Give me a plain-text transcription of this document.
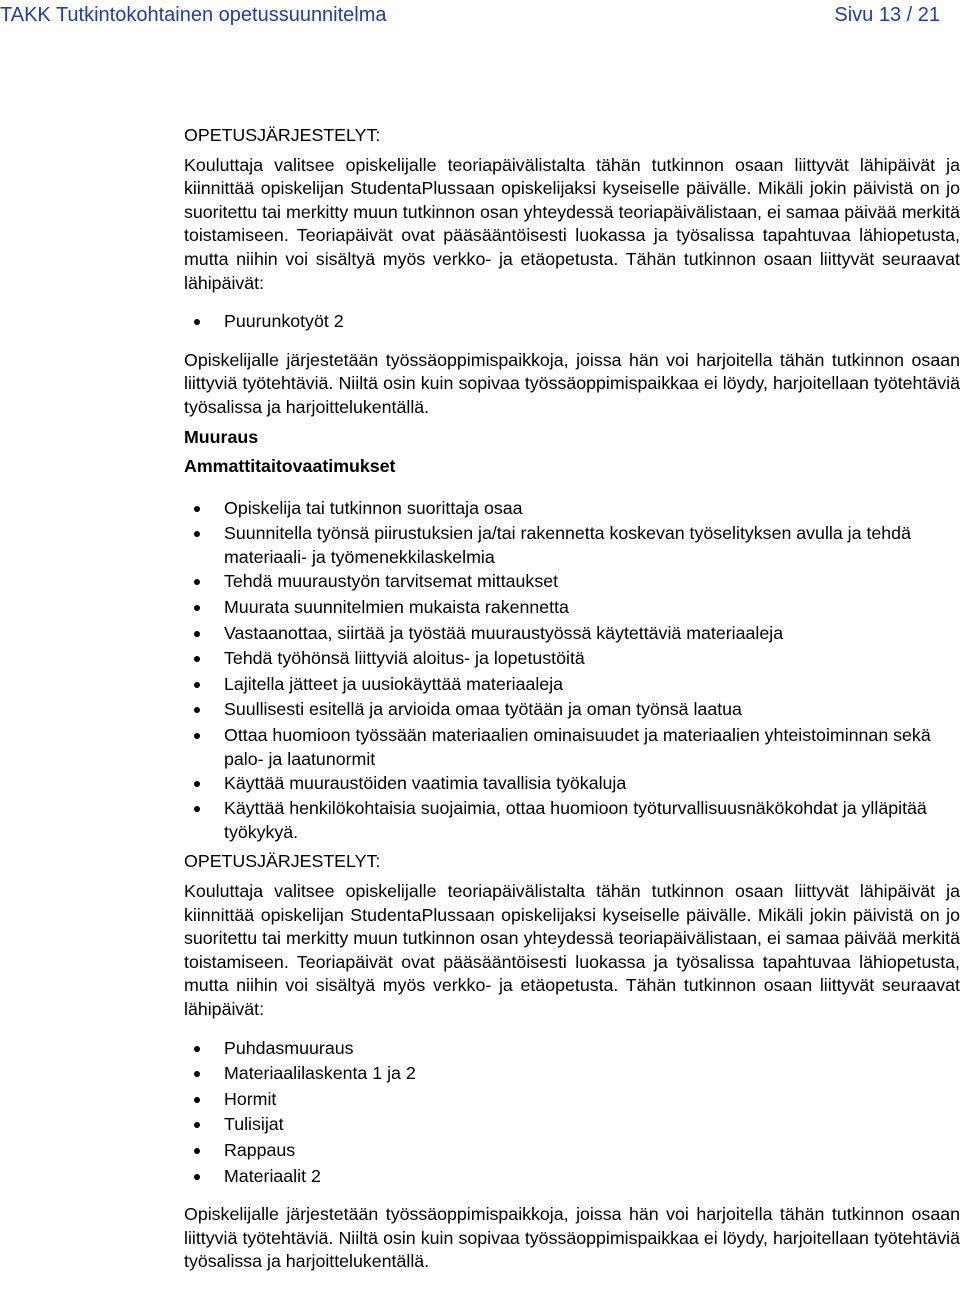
TAKK Tutkintokohtainen opetussuunnitelma	Sivu 13 / 21

OPETUSJÄRJESTELYT:

Kouluttaja valitsee opiskelijalle teoriapäivälistalta tähän tutkinnon osaan liittyvät lähipäivät ja kiinnittää opiskelijan StudentaPlussaan opiskelijaksi kyseiselle päivälle. Mikäli jokin päivistä on jo suoritettu tai merkitty muun tutkinnon osan yhteydessä teoriapäivälistaan, ei samaa päivää merkitä toistamiseen. Teoriapäivät ovat pääsääntöisesti luokassa ja työsalissa tapahtuvaa lähiopetusta, mutta niihin voi sisältyä myös verkko- ja etäopetusta. Tähän tutkinnon osaan liittyvät seuraavat lähipäivät:

Puurunkotyöt 2

Opiskelijalle järjestetään työssäoppimispaikkoja, joissa hän voi harjoitella tähän tutkinnon osaan liittyviä työtehtäviä. Niiltä osin kuin sopivaa työssäoppimispaikkaa ei löydy, harjoitellaan työtehtäviä työsalissa ja harjoittelukentällä.

Muuraus

Ammattitaitovaatimukset

Opiskelija tai tutkinnon suorittaja osaa
Suunnitella työnsä piirustuksien ja/tai rakennetta koskevan työselityksen avulla ja tehdä materiaali- ja työmenekkilaskelmia
Tehdä muuraustyön tarvitsemat mittaukset
Muurata suunnitelmien mukaista rakennetta
Vastaanottaa, siirtää ja työstää muuraustyössä käytettäviä materiaaleja
Tehdä työhönsä liittyviä aloitus- ja lopetustöitä
Lajitella jätteet ja uusiokäyttää materiaaleja
Suullisesti esitellä ja arvioida omaa työtään ja oman työnsä laatua
Ottaa huomioon työssään materiaalien ominaisuudet ja materiaalien yhteistoiminnan sekä palo- ja laatunormit
Käyttää muuraustöiden vaatimia tavallisia työkaluja
Käyttää henkilökohtaisia suojaimia, ottaa huomioon työturvallisuusnäkökohdat ja ylläpitää työkykyä.

OPETUSJÄRJESTELYT:

Kouluttaja valitsee opiskelijalle teoriapäivälistalta tähän tutkinnon osaan liittyvät lähipäivät ja kiinnittää opiskelijan StudentaPlussaan opiskelijaksi kyseiselle päivälle. Mikäli jokin päivistä on jo suoritettu tai merkitty muun tutkinnon osan yhteydessä teoriapäivälistaan, ei samaa päivää merkitä toistamiseen. Teoriapäivät ovat pääsääntöisesti luokassa ja työsalissa tapahtuvaa lähiopetusta, mutta niihin voi sisältyä myös verkko- ja etäopetusta. Tähän tutkinnon osaan liittyvät seuraavat lähipäivät:

Puhdasmuuraus
Materiaalilaskenta 1 ja 2
Hormit
Tulisijat
Rappaus
Materiaalit 2

Opiskelijalle järjestetään työssäoppimispaikkoja, joissa hän voi harjoitella tähän tutkinnon osaan liittyviä työtehtäviä. Niiltä osin kuin sopivaa työssäoppimispaikkaa ei löydy, harjoitellaan työtehtäviä työsalissa ja harjoittelukentällä.
